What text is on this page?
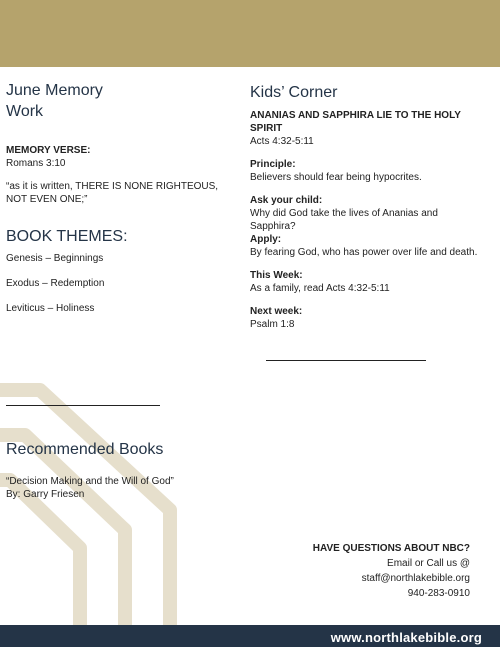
June Memory
Work
MEMORY VERSE:
Romans 3:10
“as it is written, THERE IS NONE RIGHTEOUS, NOT EVEN ONE;”
BOOK THEMES:
Genesis – Beginnings
Exodus – Redemption
Leviticus – Holiness
Recommended Books
“Decision Making and the Will of God”
By: Garry Friesen
Kids’ Corner
ANANIAS AND SAPPHIRA LIE TO THE HOLY SPIRIT
Acts 4:32-5:11
Principle:
Believers should fear being hypocrites.
Ask your child:
Why did God take the lives of Ananias and Sapphira?
Apply:
By fearing God, who has power over life and death.
This Week:
As a family, read Acts 4:32-5:11
Next week:
Psalm 1:8
HAVE QUESTIONS ABOUT NBC?
Email or Call us @
staff@northlakebible.org
940-283-0910
www.northlakebible.org
